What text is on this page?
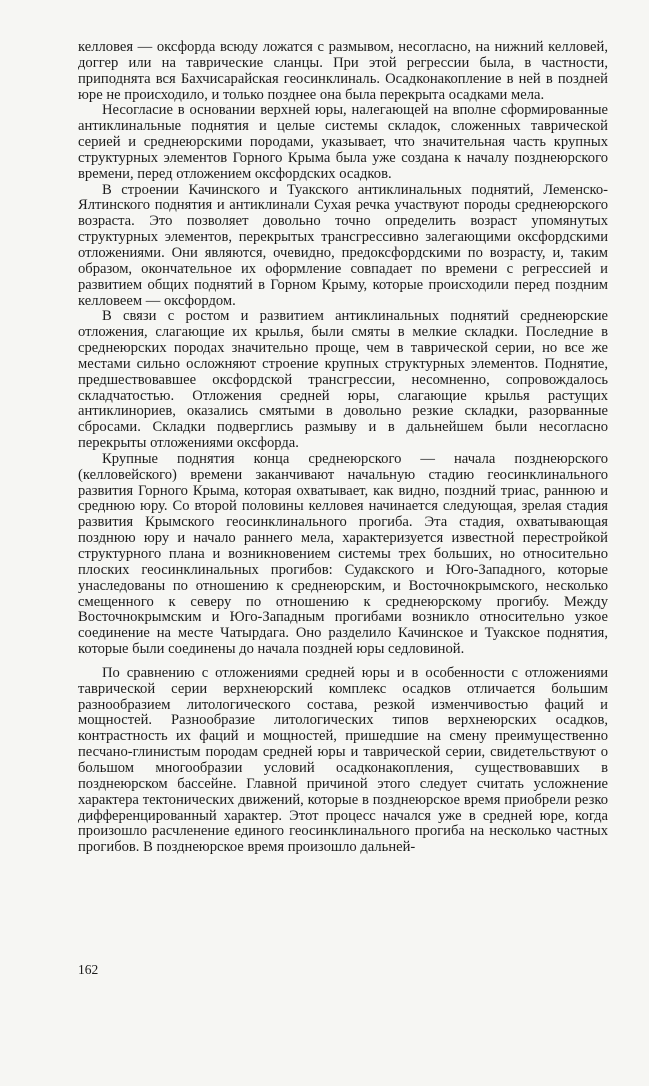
келловея — оксфорда всюду ложатся с размывом, несогласно, на нижний келловей, доггер или на таврические сланцы. При этой регрессии была, в частности, приподнята вся Бахчисарайская геосинклиналь. Осадконакопление в ней в поздней юре не происходило, и только позднее она была перекрыта осадками мела.

Несогласие в основании верхней юры, налегающей на вполне сформированные антиклинальные поднятия и целые системы складок, сложенных таврической серией и среднеюрскими породами, указывает, что значительная часть крупных структурных элементов Горного Крыма была уже создана к началу позднеюрского времени, перед отложением оксфордских осадков.

В строении Качинского и Туакского антиклинальных поднятий, Леменско-Ялтинского поднятия и антиклинали Сухая речка участвуют породы среднеюрского возраста. Это позволяет довольно точно определить возраст упомянутых структурных элементов, перекрытых трансгрессивно залегающими оксфордскими отложениями. Они являются, очевидно, предоксфордскими по возрасту, и, таким образом, окончательное их оформление совпадает по времени с регрессией и развитием общих поднятий в Горном Крыму, которые происходили перед поздним келловеем — оксфордом.

В связи с ростом и развитием антиклинальных поднятий среднеюрские отложения, слагающие их крылья, были смяты в мелкие складки. Последние в среднеюрских породах значительно проще, чем в таврической серии, но все же местами сильно осложняют строение крупных структурных элементов. Поднятие, предшествовавшее оксфордской трансгрессии, несомненно, сопровождалось складчатостью. Отложения средней юры, слагающие крылья растущих антиклинориев, оказались смятыми в довольно резкие складки, разорванные сбросами. Складки подверглись размыву и в дальнейшем были несогласно перекрыты отложениями оксфорда.

Крупные поднятия конца среднеюрского — начала позднеюрского (келловейского) времени заканчивают начальную стадию геосинклинального развития Горного Крыма, которая охватывает, как видно, поздний триас, раннюю и среднюю юру. Со второй половины келловея начинается следующая, зрелая стадия развития Крымского геосинклинального прогиба. Эта стадия, охватывающая позднюю юру и начало раннего мела, характеризуется известной перестройкой структурного плана и возникновением системы трех больших, но относительно плоских геосинклинальных прогибов: Судакского и Юго-Западного, которые унаследованы по отношению к среднеюрским, и Восточнокрымского, несколько смещенного к северу по отношению к среднеюрскому прогибу. Между Восточнокрымским и Юго-Западным прогибами возникло относительно узкое соединение на месте Чатырдага. Оно разделило Качинское и Туакское поднятия, которые были соединены до начала поздней юры седловиной.

По сравнению с отложениями средней юры и в особенности с отложениями таврической серии верхнеюрский комплекс осадков отличается большим разнообразием литологического состава, резкой изменчивостью фаций и мощностей. Разнообразие литологических типов верхнеюрских осадков, контрастность их фаций и мощностей, пришедшие на смену преимущественно песчано-глинистым породам средней юры и таврической серии, свидетельствуют о большом многообразии условий осадконакопления, существовавших в позднеюрском бассейне. Главной причиной этого следует считать усложнение характера тектонических движений, которые в позднеюрское время приобрели резко дифференцированный характер. Этот процесс начался уже в средней юре, когда произошло расчленение единого геосинклинального прогиба на несколько частных прогибов. В позднеюрское время произошло дальней-

162
